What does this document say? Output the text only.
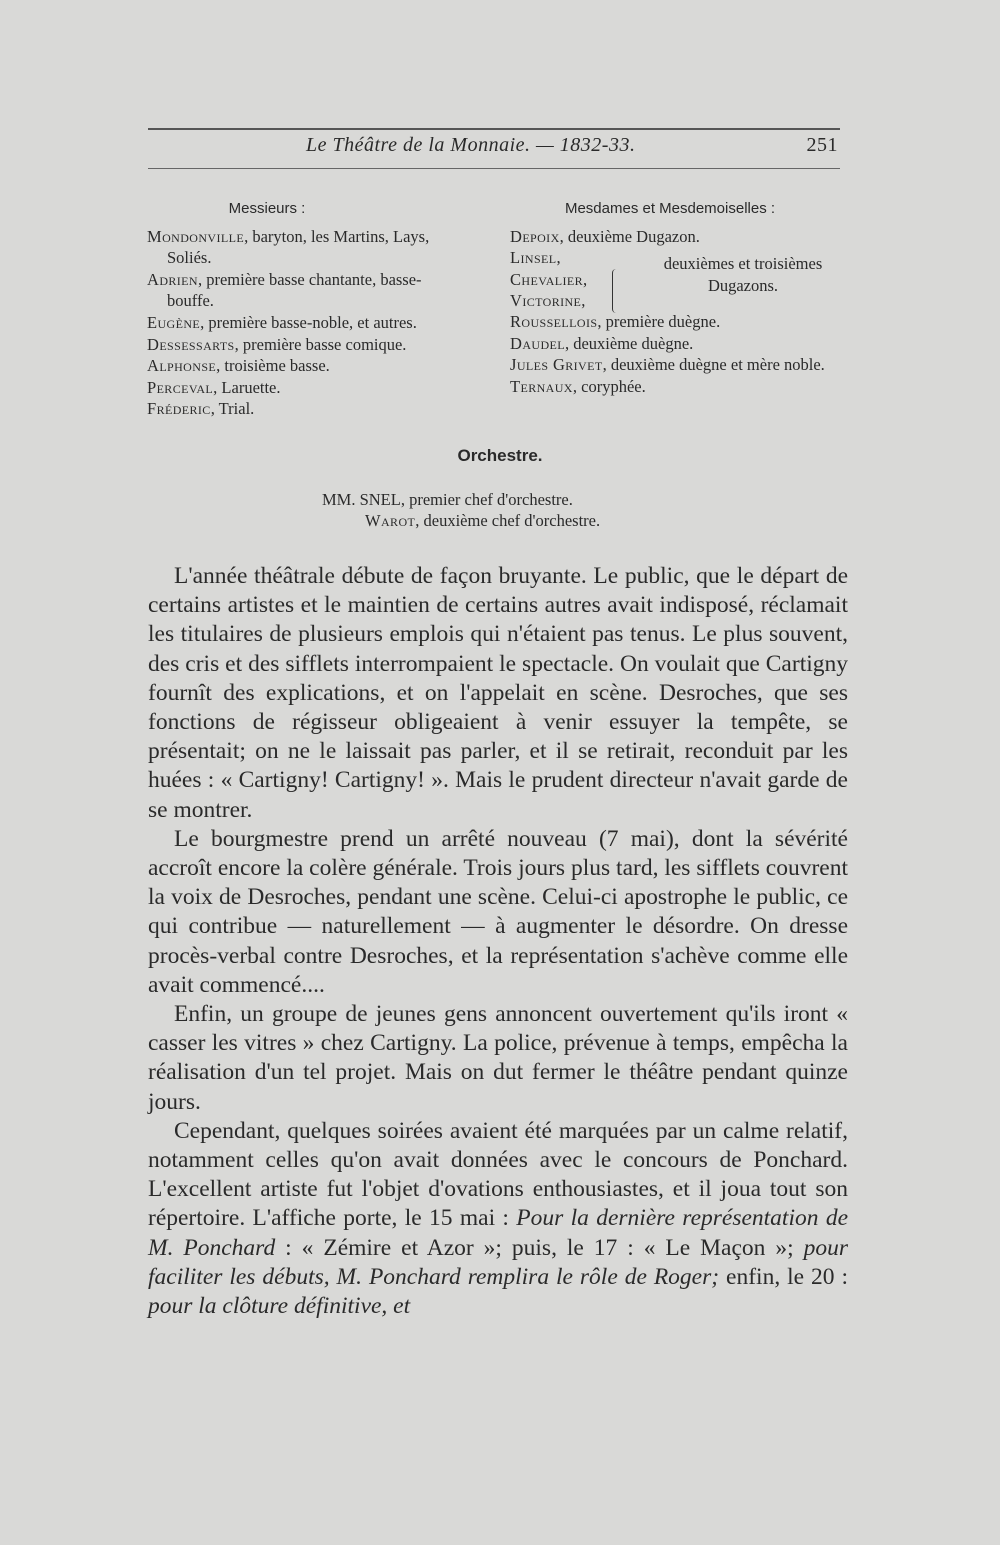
Le Théâtre de la Monnaie. — 1832-33.	251
Messieurs :
Mondonville, baryton, les Martins, Lays,
Soliés.
Adrien, première basse chantante, basse-
bouffe.
Eugène, première basse-noble, et autres.
Dessessarts, première basse comique.
Alphonse, troisième basse.
Perceval, Laruette.
Fréderic, Trial.
Mesdames et Mesdemoiselles :
Depoix, deuxième Dugazon.
Linsel,
Chevalier,
Victorine,
deuxièmes et troisièmes Dugazons.
Roussellois, première duègne.
Daudel, deuxième duègne.
Jules Grivet, deuxième duègne et mère noble.
Ternaux, coryphée.
Orchestre.
MM. SNEL, premier chef d'orchestre.
Warot, deuxième chef d'orchestre.

L'année théâtrale débute de façon bruyante. Le public, que le départ de certains artistes et le maintien de certains autres avait indisposé, réclamait les titulaires de plusieurs emplois qui n'étaient pas tenus. Le plus souvent, des cris et des sifflets interrompaient le spectacle. On voulait que Cartigny fournît des explications, et on l'appelait en scène. Desroches, que ses fonctions de régisseur obligeaient à venir essuyer la tempête, se présentait; on ne le laissait pas parler, et il se retirait, reconduit par les huées : « Cartigny! Cartigny! ». Mais le prudent directeur n'avait garde de se montrer.

Le bourgmestre prend un arrêté nouveau (7 mai), dont la sévérité accroît encore la colère générale. Trois jours plus tard, les sifflets couvrent la voix de Desroches, pendant une scène. Celui-ci apostrophe le public, ce qui contribue — naturellement — à augmenter le désordre. On dresse procès-verbal contre Desroches, et la représentation s'achève comme elle avait commencé....

Enfin, un groupe de jeunes gens annoncent ouvertement qu'ils iront « casser les vitres » chez Cartigny. La police, prévenue à temps, empêcha la réalisation d'un tel projet. Mais on dut fermer le théâtre pendant quinze jours.

Cependant, quelques soirées avaient été marquées par un calme relatif, notamment celles qu'on avait données avec le concours de Ponchard. L'excellent artiste fut l'objet d'ovations enthousiastes, et il joua tout son répertoire. L'affiche porte, le 15 mai : Pour la dernière représentation de M. Ponchard : « Zémire et Azor »; puis, le 17 : « Le Maçon »; pour faciliter les débuts, M. Ponchard remplira le rôle de Roger; enfin, le 20 : pour la clôture définitive, et
